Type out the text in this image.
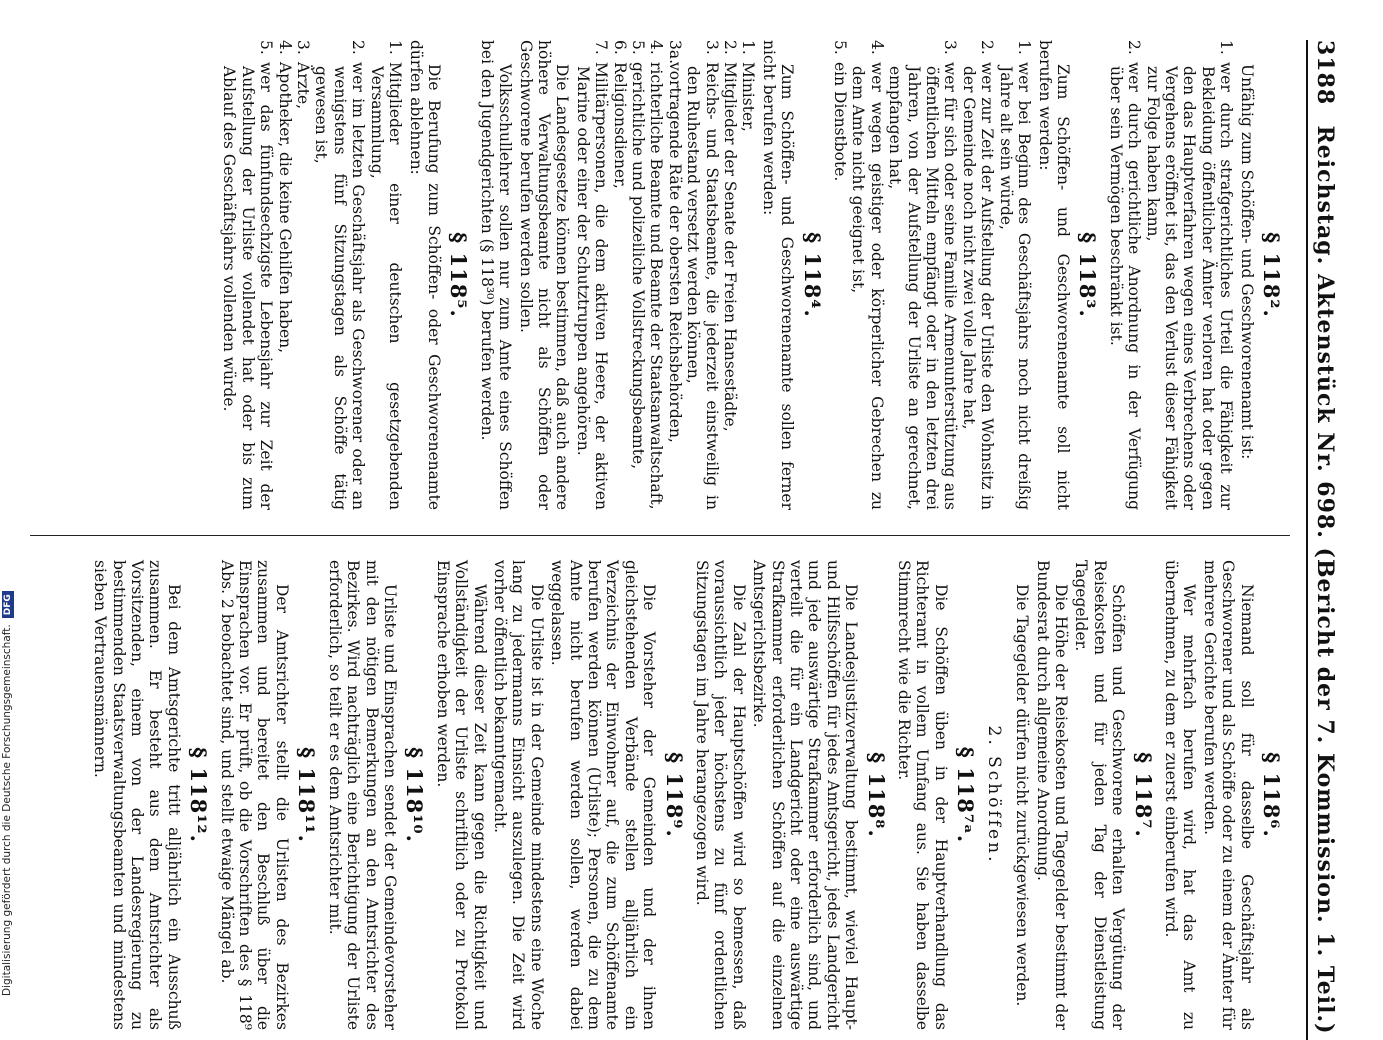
3188
Reichstag. Aktenstück Nr. 698. (Bericht der 7. Kommission. 1. Teil.)
§ 118².

Unfähig zum Schöffen- und Geschworenenamt ist:

1.wer durch strafgerichtliches Urteil die Fähigkeit zur Bekleidung öffentlicher Ämter verloren hat oder gegen den das Hauptverfahren wegen eines Verbrechens oder Vergehens eröffnet ist, das den Verlust dieser Fähigkeit zur Folge haben kann,
2.wer durch gerichtliche Anordnung in der Verfügung über sein Vermögen beschränkt ist.
§ 118³.

Zum Schöffen- und Geschworenenamte soll nicht berufen werden:

1.wer bei Beginn des Geschäftsjahrs noch nicht dreißig Jahre alt sein würde,
2.wer zur Zeit der Aufstellung der Urliste den Wohnsitz in der Gemeinde noch nicht zwei volle Jahre hat,
3.wer für sich oder seine Familie Armenunterstützung aus öffentlichen Mitteln empfängt oder in den letzten drei Jahren, von der Aufstellung der Urliste an gerechnet, empfangen hat,
4.wer wegen geistiger oder körperlicher Gebrechen zu dem Amte nicht geeignet ist,
5.ein Dienstbote.
§ 118⁴.

Zum Schöffen- und Geschworenenamte sollen ferner nicht berufen werden:

1.Minister,
2.Mitglieder der Senate der Freien Hansestädte,
3.Reichs- und Staatsbeamte, die jederzeit einstweilig in den Ruhestand versetzt werden können,
3a.vortragende Räte der obersten Reichsbehörden,
4.richterliche Beamte und Beamte der Staatsanwaltschaft,
5.gerichtliche und polizeiliche Vollstreckungsbeamte,
6.Religionsdiener,
7.Militärpersonen, die dem aktiven Heere, der aktiven Marine oder einer der Schutztruppen angehören.

Die Landesgesetze können bestimmen, daß auch andere höhere Verwaltungsbeamte nicht als Schöffen oder Geschworene berufen werden sollen.

Volksschullehrer sollen nur zum Amte eines Schöffen bei den Jugendgerichten (§ 118³⁰) berufen werden.

§ 118⁵.

Die Berufung zum Schöffen- oder Geschworenenamte dürfen ablehnen:

1.Mitglieder einer deutschen gesetzgebenden Versammlung,
2.wer im letzten Geschäftsjahr als Geschworener oder an wenigstens fünf Sitzungstagen als Schöffe tätig gewesen ist,
3.Ärzte,
4.Apotheker, die keine Gehilfen haben,
5.wer das fünfundsechzigste Lebensjahr zur Zeit der Aufstellung der Urliste vollendet hat oder bis zum Ablauf des Geschäftsjahrs vollenden würde.
§ 118⁶.

Niemand soll für dasselbe Geschäftsjahr als Geschworener und als Schöffe oder zu einem der Ämter für mehrere Gerichte berufen werden.

Wer mehrfach berufen wird, hat das Amt zu übernehmen, zu dem er zuerst einberufen wird.

§ 118⁷.

Schöffen und Geschworene erhalten Vergütung der Reisekosten und für jeden Tag der Dienstleistung Tagegelder.

Die Höhe der Reisekosten und Tagegelder bestimmt der Bundesrat durch allgemeine Anordnung.

Die Tagegelder dürfen nicht zurückgewiesen werden.

2. Schöffen.
§ 118⁷ᵃ.

Die Schöffen üben in der Hauptverhandlung das Richteramt in vollem Umfang aus. Sie haben dasselbe Stimmrecht wie die Richter.

§ 118⁸.

Die Landesjustizverwaltung bestimmt, wieviel Haupt- und Hilfsschöffen für jedes Amtsgericht, jedes Landgericht und jede auswärtige Strafkammer erforderlich sind, und verteilt die für ein Landgericht oder eine auswärtige Strafkammer erforderlichen Schöffen auf die einzelnen Amtsgerichtsbezirke.

Die Zahl der Hauptschöffen wird so bemessen, daß voraussichtlich jeder höchstens zu fünf ordentlichen Sitzungstagen im Jahre herangezogen wird.

§ 118⁹.

Die Vorsteher der Gemeinden und der ihnen gleichstehenden Verbände stellen alljährlich ein Verzeichnis der Einwohner auf, die zum Schöffenamte berufen werden können (Urliste); Personen, die zu dem Amte nicht berufen werden sollen, werden dabei weggelassen.

Die Urliste ist in der Gemeinde mindestens eine Woche lang zu jedermanns Einsicht auszulegen. Die Zeit wird vorher öffentlich bekanntgemacht.

Während dieser Zeit kann gegen die Richtigkeit und Vollständigkeit der Urliste schriftlich oder zu Protokoll Einsprache erhoben werden.

§ 118¹⁰.

Urliste und Einsprachen sendet der Gemeindevorsteher mit den nötigen Bemerkungen an den Amtsrichter des Bezirkes. Wird nachträglich eine Berichtigung der Urliste erforderlich, so teilt er es dem Amtsrichter mit.

§ 118¹¹.

Der Amtsrichter stellt die Urlisten des Bezirkes zusammen und bereitet den Beschluß über die Einsprachen vor. Er prüft, ob die Vorschriften des § 118⁹ Abs. 2 beobachtet sind, und stellt etwaige Mängel ab.

§ 118¹².

Bei dem Amtsgerichte tritt alljährlich ein Ausschuß zusammen. Er besteht aus dem Amtsrichter als Vorsitzenden, einem von der Landesregierung zu bestimmenden Staatsverwaltungsbeamten und mindestens sieben Vertrauensmännern.

Digitalisierung gefördert durch die Deutsche Forschungsgemeinschaft.DFG
